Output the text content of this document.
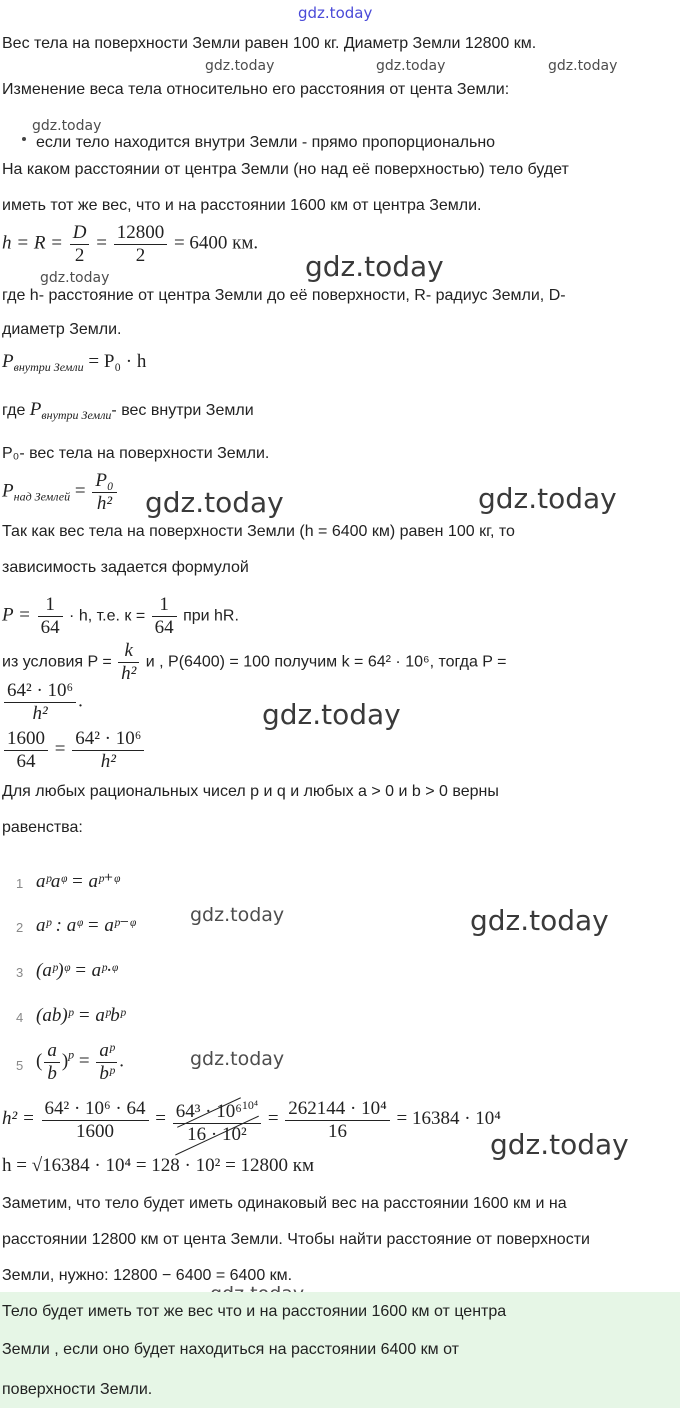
gdz.today
gdz.today	gdz.today	gdz.today
gdz.today
gdz.today
gdz.today
gdz.today	gdz.today
gdz.today
gdz.today	gdz.today
gdz.today
gdz.today
Вес тела на поверхности Земли равен 100 кг. Диаметр Земли 12800 км.
Изменение веса тела относительно его расстояния от цента Земли:
если тело находится внутри Земли - прямо пропорционально
На каком расстоянии от центра Земли (но над её поверхностью) тело будет
иметь тот же вес, что и на расстоянии 1600 км от центра Земли.
$h = R = \frac{D}{2} = \frac{12800}{2} = 6400$ км.
где h- расстояние от центра Земли до её поверхности, R- радиус Земли, D-
диаметр Земли.
$P_{внутри Земли} = P_0 \cdot h$
где $P_{внутри Земли}-$ вес внутри Земли
P₀- вес тела на поверхности Земли.
$P_{над Землей} = \frac{\text{P₀}}{\text{h²}}$
Так как вес тела на поверхности Земли (h = 6400 км) равен 100 кг, то
зависимость задается формулой
$P = \frac{1}{64} \cdot h$, т.е. $к = \frac{1}{64}$ при hR.
из условия $P = \frac{k}{\text{h²}}$ и , P(6400) = 100 получим k = 64² · 10⁶, тогда P =
$\frac{\text{64² · 10⁶}}{\text{h²}}$ .
$\frac{1600}{64} = \frac{\text{64² · 10⁶}}{\text{h²}}$
Для любых рациональных чисел p и q и любых a > 0 и b > 0 верны
равенства:
1 aᵖaᵠ = aᵖ⁺ᵠ
2 aᵖ : aᵠ = aᵖ⁻ᵠ
3 (aᵖ)ᵠ = aᵖ·ᵠ
4 (ab)ᵖ = aᵖbᵖ
5 ( $\frac{a}{b} )^p = \frac{\text{aᵖ}}{\text{bᵖ}}$ .
$h^2 = \frac{\text{64² · 10⁶ · 64}}{1600} = \frac{64^3 \cdot 10^6^{10^4}}{\text{16 · 10²}} = \frac{\text{262144 · 10⁴}}{16} = 16384 \cdot 10^4$
h = √16384 · 10⁴ = 128 · 10² = 12800 км
Заметим, что тело будет иметь одинаковый вес на расстоянии 1600 км и на
расстоянии 12800 км от цента Земли. Чтобы найти расстояние от поверхности
Земли, нужно: 12800 − 6400 = 6400 км.
Тело будет иметь тот же вес что и на расстоянии 1600 км от центра
Земли , если оно будет находиться на расстоянии 6400 км от
поверхности Земли.
